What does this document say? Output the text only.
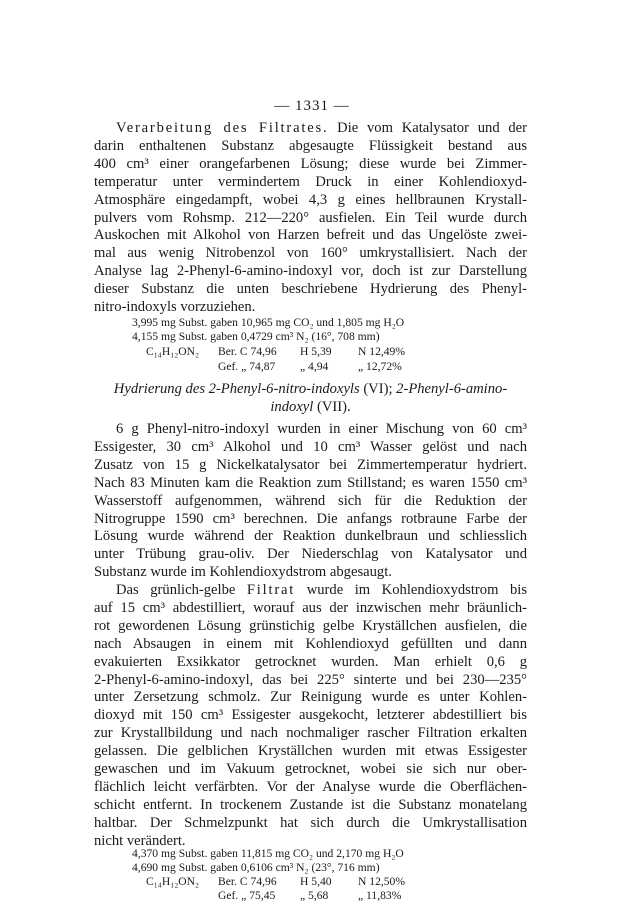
— 1331 —
Verarbeitung des Filtrates. Die vom Katalysator und der
darin enthaltenen Substanz abgesaugte Flüssigkeit bestand aus
400 cm³ einer orangefarbenen Lösung; diese wurde bei Zimmer-
temperatur unter vermindertem Druck in einer Kohlendioxyd-
Atmosphäre eingedampft, wobei 4,3 g eines hellbraunen Krystall-
pulvers vom Rohsmp. 212—220° ausfielen. Ein Teil wurde durch
Auskochen mit Alkohol von Harzen befreit und das Ungelöste zwei-
mal aus wenig Nitrobenzol von 160° umkrystallisiert. Nach der
Analyse lag 2-Phenyl-6-amino-indoxyl vor, doch ist zur Darstellung
dieser Substanz die unten beschriebene Hydrierung des Phenyl-
nitro-indoxyls vorzuziehen.
3,995 mg Subst. gaben 10,965 mg CO₂ und 1,805 mg H₂O
4,155 mg Subst. gaben 0,4729 cm³ N₂ (16°, 708 mm)
C₁₄H₁₂ON₂ Ber. C 74,96 H 5,39 N 12,49%
Gef. „ 74,87 „ 4,94	„ 12,72%
Hydrierung des 2-Phenyl-6-nitro-indoxyls (VI); 2-Phenyl-6-amino-
indoxyl (VII).
6 g Phenyl-nitro-indoxyl wurden in einer Mischung von 60 cm³
Essigester, 30 cm³ Alkohol und 10 cm³ Wasser gelöst und nach
Zusatz von 15 g Nickelkatalysator bei Zimmertemperatur hydriert.
Nach 83 Minuten kam die Reaktion zum Stillstand; es waren 1550 cm³
Wasserstoff aufgenommen, während sich für die Reduktion der
Nitrogruppe 1590 cm³ berechnen. Die anfangs rotbraune Farbe der
Lösung wurde während der Reaktion dunkelbraun und schliesslich
unter Trübung grau-oliv. Der Niederschlag von Katalysator und
Substanz wurde im Kohlendioxydstrom abgesaugt.
Das grünlich-gelbe Filtrat wurde im Kohlendioxydstrom bis
auf 15 cm³ abdestilliert, worauf aus der inzwischen mehr bräunlich-
rot gewordenen Lösung grünstichig gelbe Kryställchen ausfielen, die
nach Absaugen in einem mit Kohlendioxyd gefüllten und dann
evakuierten Exsikkator getrocknet wurden. Man erhielt 0,6 g
2-Phenyl-6-amino-indoxyl, das bei 225° sinterte und bei 230—235°
unter Zersetzung schmolz. Zur Reinigung wurde es unter Kohlen-
dioxyd mit 150 cm³ Essigester ausgekocht, letzterer abdestilliert bis
zur Krystallbildung und nach nochmaliger rascher Filtration erkalten
gelassen. Die gelblichen Kryställchen wurden mit etwas Essigester
gewaschen und im Vakuum getrocknet, wobei sie sich nur ober-
flächlich leicht verfärbten. Vor der Analyse wurde die Oberflächen-
schicht entfernt. In trockenem Zustande ist die Substanz monatelang
haltbar. Der Schmelzpunkt hat sich durch die Umkrystallisation
nicht verändert.
4,370 mg Subst. gaben 11,815 mg CO₂ und 2,170 mg H₂O
4,690 mg Subst. gaben 0,6106 cm³ N₂ (23°, 716 mm)
C₁₄H₁₂ON₂ Ber. C 74,96 H 5,40 N 12,50%
Gef. „ 75,45 „ 5,68	„ 11,83%
